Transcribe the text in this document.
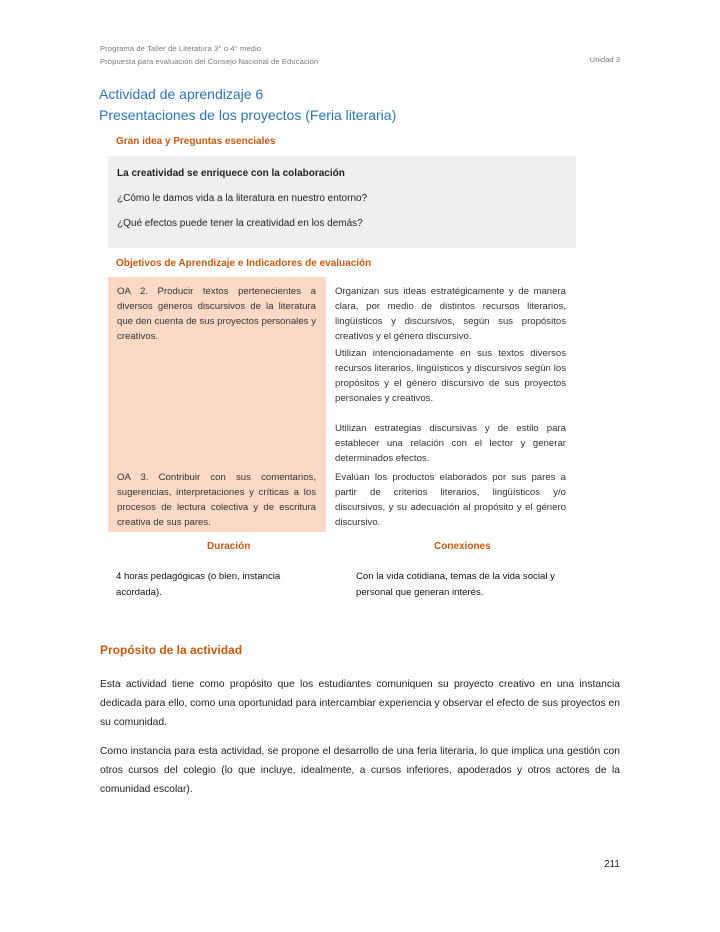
Programa de Taller de Literatura 3° o 4° medio
Propuesta para evaluación del Consejo Nacional de Educación	Unidad 3
Actividad de aprendizaje 6
Presentaciones de los proyectos (Feria literaria)
Gran idea y Preguntas esenciales
La creatividad se enriquece con la colaboración
¿Cómo le damos vida a la literatura en nuestro entorno?
¿Qué efectos puede tener la creatividad en los demás?
Objetivos de Aprendizaje e Indicadores de evaluación
OA 2. Producir textos pertenecientes a diversos géneros discursivos de la literatura que den cuenta de sus proyectos personales y creativos.
Organizan sus ideas estratégicamente y de manera clara, por medio de distintos recursos literarios, lingüísticos y discursivos, según sus propósitos creativos y el género discursivo.
Utilizan intencionadamente en sus textos diversos recursos literarios, lingüísticos y discursivos según los propósitos y el género discursivo de sus proyectos personales y creativos.
Utilizan estrategias discursivas y de estilo para establecer una relación con el lector y generar determinados efectos.
OA 3. Contribuir con sus comentarios, sugerencias, interpretaciones y críticas a los procesos de lectura colectiva y de escritura creativa de sus pares.
Evalúan los productos elaborados por sus pares a partir de criterios literarios, lingüísticos y/o discursivos, y su adecuación al propósito y el género discursivo.
Duración	Conexiones
4 horas pedagógicas (o bien, instancia acordada).
Con la vida cotidiana, temas de la vida social y personal que generan interés.
Propósito de la actividad
Esta actividad tiene como propósito que los estudiantes comuniquen su proyecto creativo en una instancia dedicada para ello, como una oportunidad para intercambiar experiencia y observar el efecto de sus proyectos en su comunidad.
Como instancia para esta actividad, se propone el desarrollo de una feria literaria, lo que implica una gestión con otros cursos del colegio (lo que incluye, idealmente, a cursos inferiores, apoderados y otros actores de la comunidad escolar).
211
